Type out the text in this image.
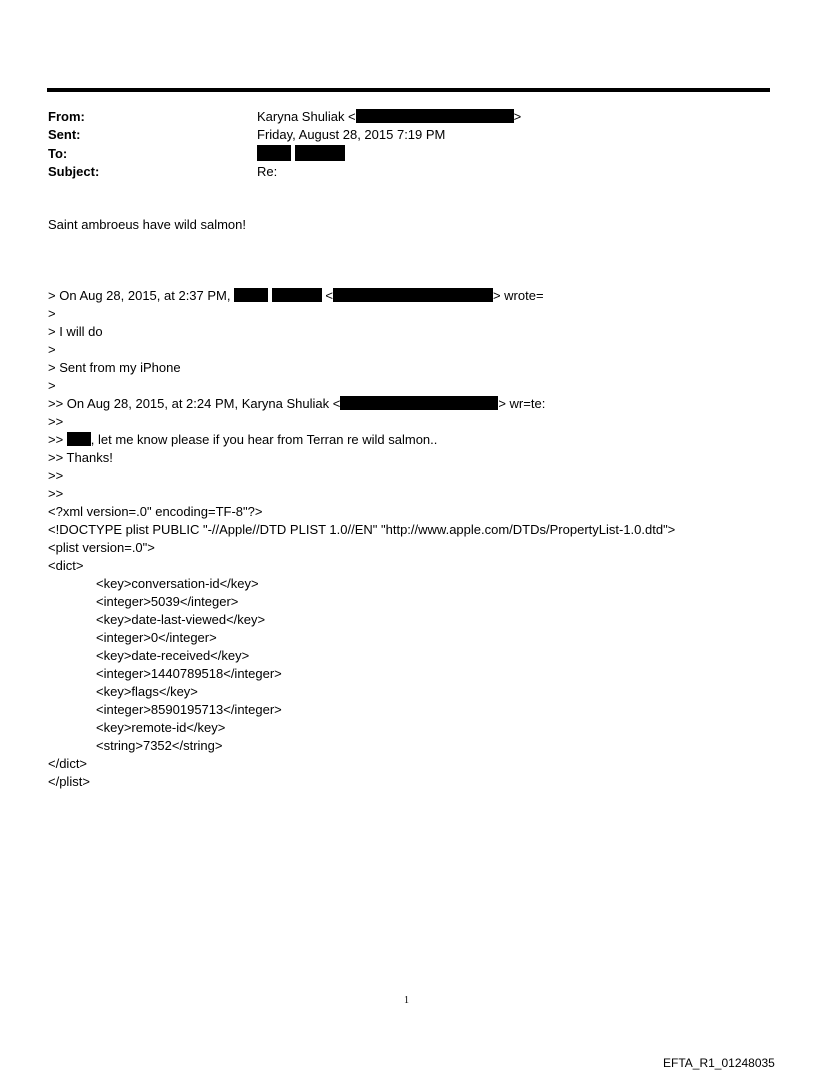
From:	Karyna Shuliak <	>
Sent:	Friday, August 28, 2015 7:19 PM
To:

Subject:	Re:
Saint ambroeus have wild salmon!
> On Aug 28, 2015, at 2:37 PM,	<	> wrote=
>
> I will do
>
> Sent from my iPhone
>
>> On Aug 28, 2015, at 2:24 PM, Karyna Shuliak <	> wr=te:
>>
>> , let me know please if you hear from Terran re wild salmon..
>> Thanks!
>>
>>
<?xml version=.0" encoding=TF-8"?>
<!DOCTYPE plist PUBLIC "-//Apple//DTD PLIST 1.0//EN" "http://www.apple.com/DTDs/PropertyList-1.0.dtd">
<plist version=.0">
<dict>
<key>conversation-id</key>
<integer>5039</integer>
<key>date-last-viewed</key>
<integer>0</integer>
<key>date-received</key>
<integer>1440789518</integer>
<key>flags</key>
<integer>8590195713</integer>
<key>remote-id</key>
<string>7352</string>
</dict>
</plist>
1
EFTA_R1_01248035
